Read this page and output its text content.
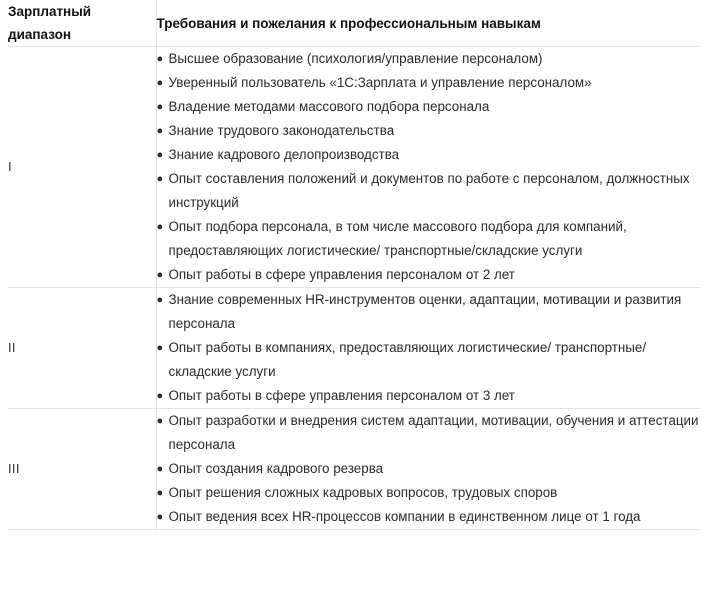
Зарплатный диапазон	Требования и пожелания к профессиональным навыкам
I	
● Высшее образование (психология/управление персоналом)
● Уверенный пользователь «1С:Зарплата и управление персоналом»
● Владение методами массового подбора персонала
● Знание трудового законодательства
● Знание кадрового делопроизводства
● Опыт составления положений и документов по работе с персоналом, должностных инструкций
● Опыт подбора персонала, в том числе массового подбора для компаний, предоставляющих логистические/ транспортные/складские услуги
● Опыт работы в сфере управления персоналом от 2 лет

II	
● Знание современных HR-инструментов оценки, адаптации, мотивации и развития персонала
● Опыт работы в компаниях, предоставляющих логистические/ транспортные/складские услуги
● Опыт работы в сфере управления персоналом от 3 лет

III	
● Опыт разработки и внедрения систем адаптации, мотивации, обучения и аттестации персонала
● Опыт создания кадрового резерва
● Опыт решения сложных кадровых вопросов, трудовых споров
● Опыт ведения всех HR-процессов компании в единственном лице от 1 года
